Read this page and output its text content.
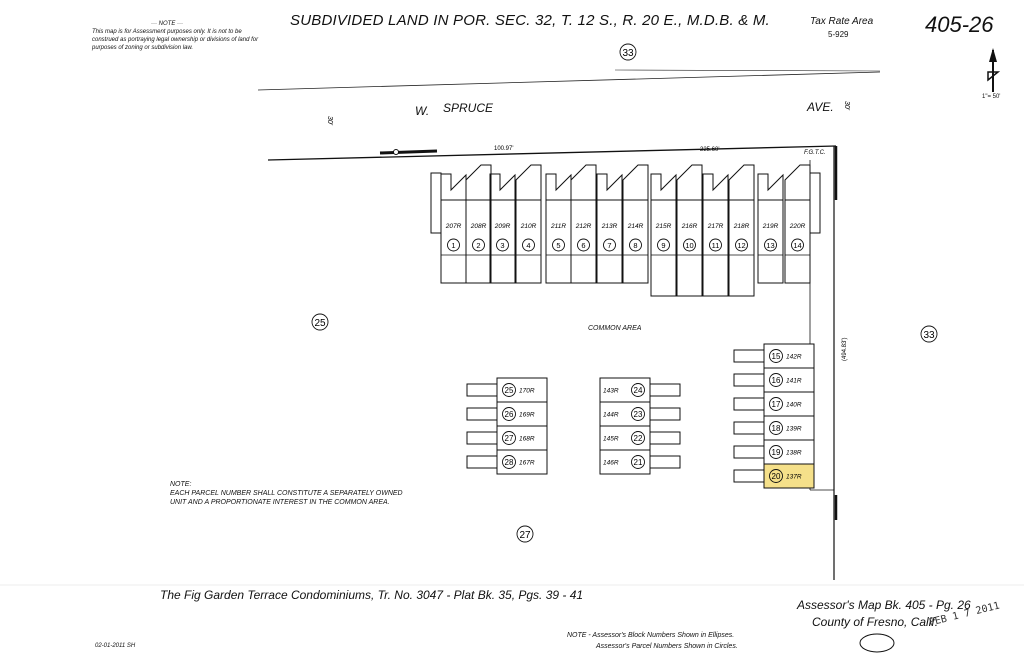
··· NOTE ···
This map is for Assessment purposes only. It is not to be construed as portraying legal ownership or divisions of land for purposes of zoning or subdivision law.
SUBDIVIDED LAND IN POR. SEC. 32, T. 12 S., R. 20 E., M.D.B. & M.	Tax Rate Area
5-929	405-26
1"= 50'
W. SPRUCE	AVE.
COMMON AREA
NOTE:
EACH PARCEL NUMBER SHALL CONSTITUTE A SEPARATELY OWNED
UNIT AND A PROPORTIONATE INTEREST IN THE COMMON AREA.
The Fig Garden Terrace Condominiums, Tr. No. 3047 - Plat Bk. 35, Pgs. 39 - 41
Assessor's Map Bk. 405 - Pg. 26
County of Fresno, Calif.
02-01-2011 SH
NOTE - Assessor's Block Numbers Shown in Ellipses.
Assessor's Parcel Numbers Shown in Circles.
FEB 1 7 2011
30'
30'
100.97'	225.60'	F.G.T.C.
(494.83')
33
33
25
27
207R
1
208R
2
209R
3
210R
4
211R
5
212R
6
213R
7
214R
8
215R
9
216R
10
217R
11
218R
12
219R
13
220R
14
25 170R
26 169R
27 168R
28 167R
24
143R
23
144R
22
145R
21
146R
15 142R
16 141R
17 140R
18 139R
19 138R
20 137R
